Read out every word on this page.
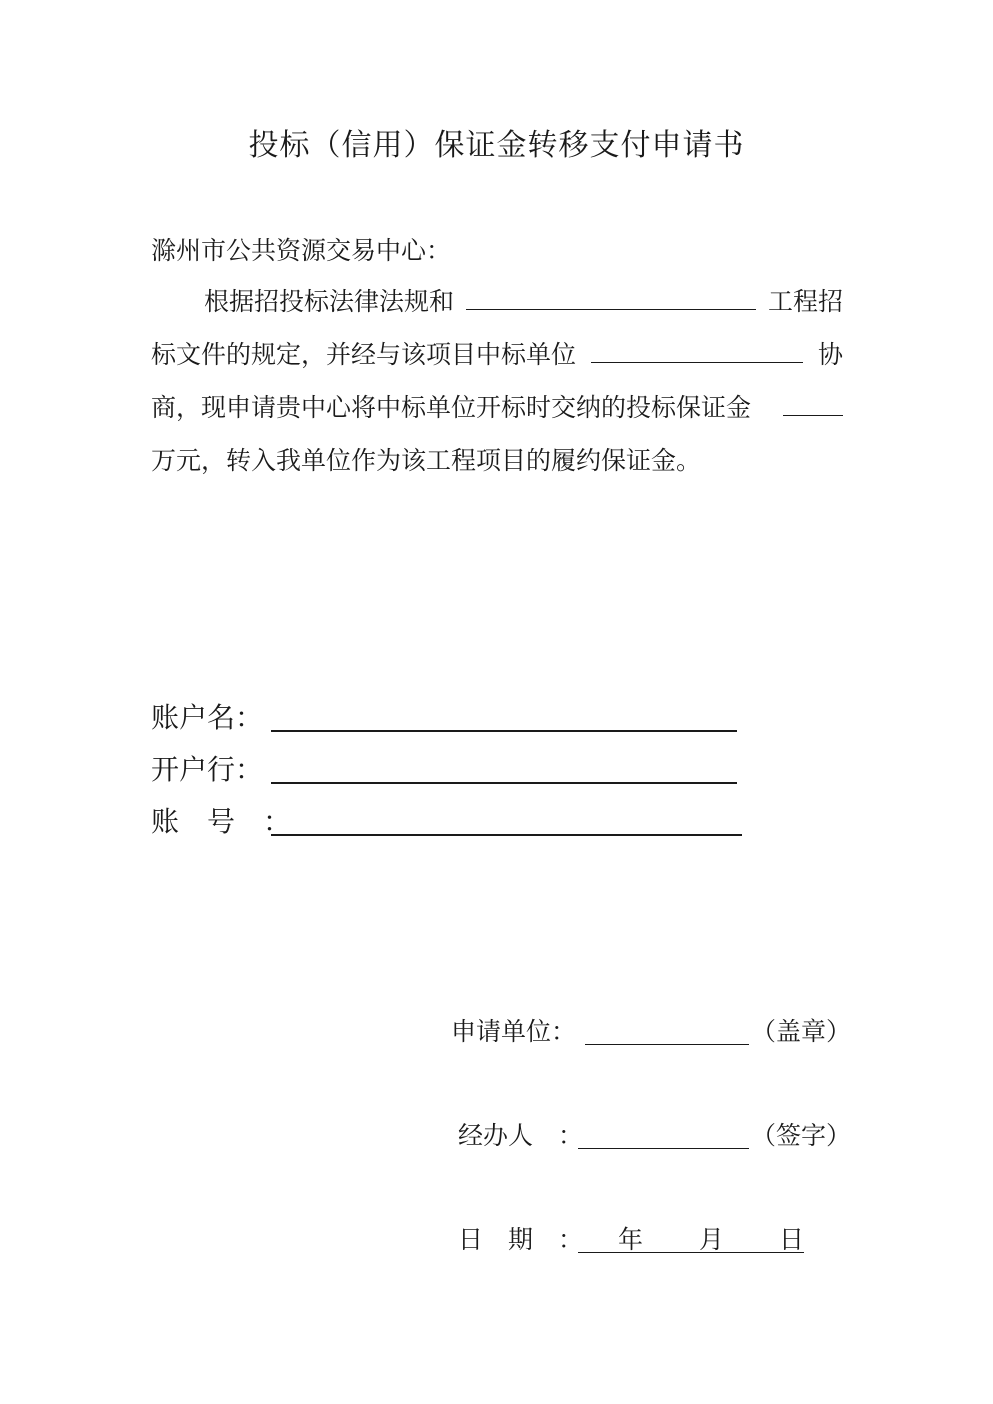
投标（信用）保证金转移支付申请书
滁州市公共资源交易中心：
根据招投标法律法规和	工程招
标文件的规定，并经与该项目中标单位	协
商，现申请贵中心将中标单位开标时交纳的投标保证金
万元，转入我单位作为该工程项目的履约保证金。
账户名：
开户行：
账　号　：
申请单位：	（盖章）
经办人　：	（签字）
日　期　： 年 月 日
